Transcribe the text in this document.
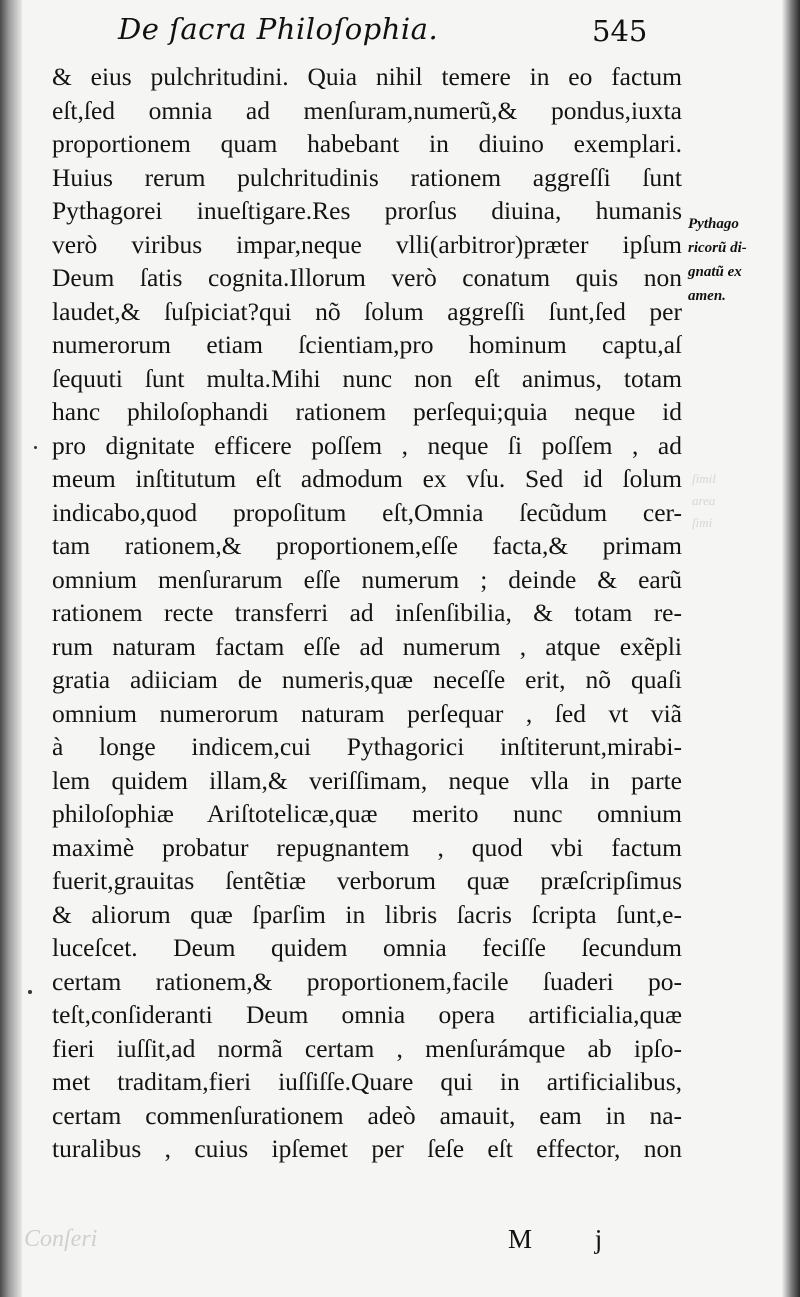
De ſacra Philoſophia.	545
& eius pulchritudini. Quia nihil temere in eo factum
eſt,ſed omnia ad menſuram,numerũ,& pondus,iuxta
proportionem quam habebant in diuino exemplari.
Huius rerum pulchritudinis rationem aggreſſi ſunt
Pythagorei inueſtigare.Res prorſus diuina, humanis
verò viribus impar,neque vlli(arbitror)præter ipſum
Deum ſatis cognita.Illorum verò conatum quis non
laudet,& ſuſpiciat?qui nõ ſolum aggreſſi ſunt,ſed per
numerorum etiam ſcientiam,pro hominum captu,aſ
ſequuti ſunt multa.Mihi nunc non eſt animus, totam
hanc philoſophandi rationem perſequi;quia neque id
pro dignitate efficere poſſem , neque ſi poſſem , ad
meum inſtitutum eſt admodum ex vſu. Sed id ſolum
indicabo,quod propoſitum eſt,Omnia ſecũdum cer-
tam rationem,& proportionem,eſſe facta,& primam
omnium menſurarum eſſe numerum ; deinde & earũ
rationem recte transferri ad inſenſibilia, & totam re-
rum naturam factam eſſe ad numerum , atque exẽpli
gratia adiiciam de numeris,quæ neceſſe erit, nõ quaſi
omnium numerorum naturam perſequar , ſed vt viã
à longe indicem,cui Pythagorici inſtiterunt,mirabi-
lem quidem illam,& veriſſimam, neque vlla in parte
philoſophiæ Ariſtotelicæ,quæ merito nunc omnium
maximè probatur repugnantem , quod vbi factum
fuerit,grauitas ſentẽtiæ verborum quæ præſcripſimus
& aliorum quæ ſparſim in libris ſacris ſcripta ſunt,e-
luceſcet. Deum quidem omnia feciſſe ſecundum
certam rationem,& proportionem,facile ſuaderi po-
teſt,conſideranti Deum omnia opera artificialia,quæ
fieri iuſſit,ad normã certam , menſurámque ab ipſo-
met traditam,fieri iuſſiſſe.Quare qui in artificialibus,
certam commenſurationem adeò amauit, eam in na-
turalibus , cuius ipſemet per ſeſe eſt effector, non
Pythago
ricorũ di-
gnatũ ex
amen.
ſimil
area
ſimi
Conſeri	M j
